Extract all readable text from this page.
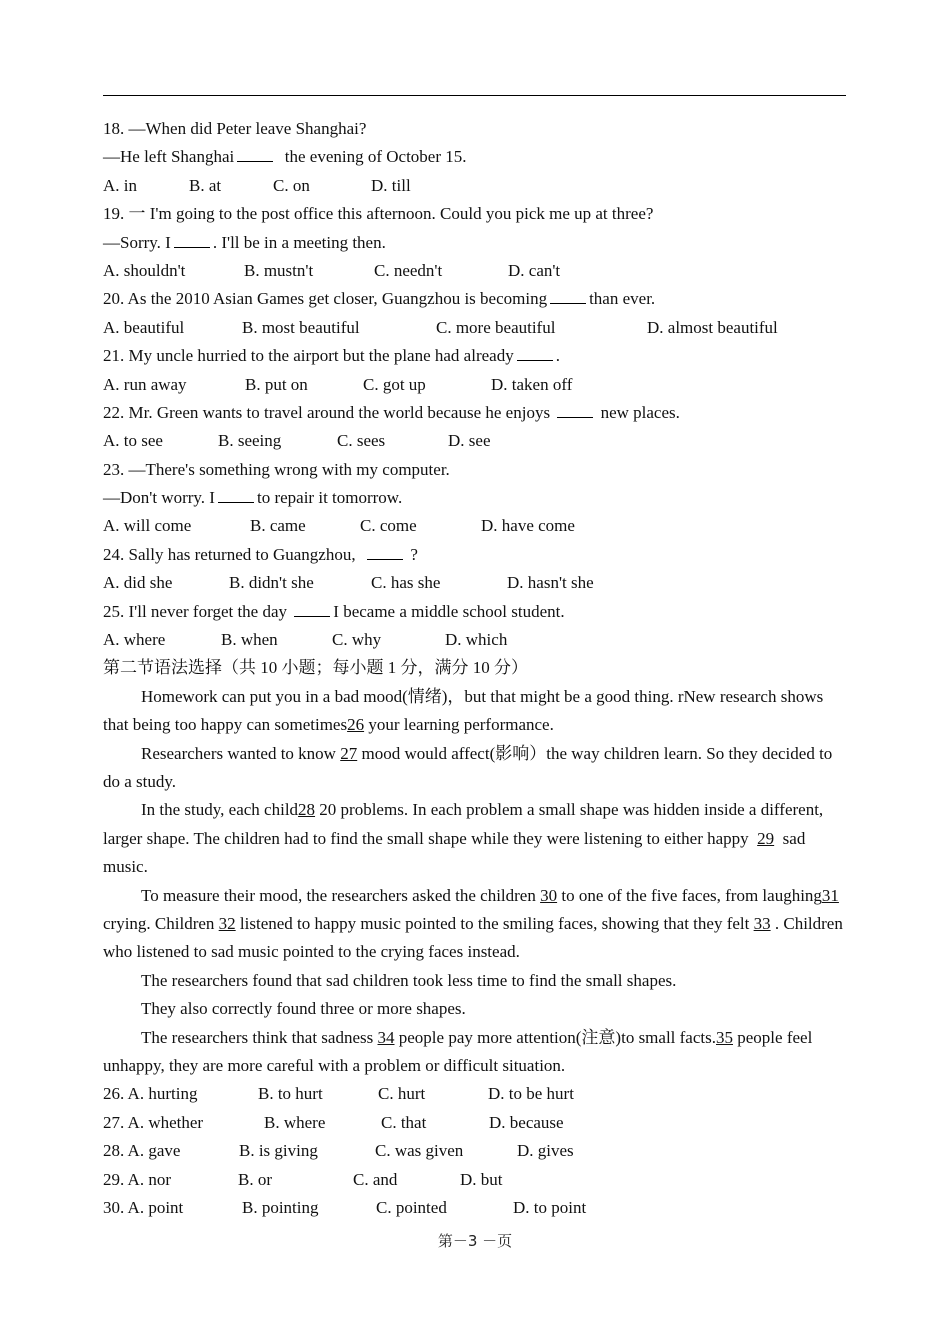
18. —When did Peter leave Shanghai?
—He left Shanghai	the evening of October 15.
A. in	B. at	C. on	D. till
19. 一 I'm going to the post office this afternoon. Could you pick me up at three?
—Sorry. I . I'll be in a meeting then.
A. shouldn't	B. mustn't	C. needn't	D. can't
20. As the 2010 Asian Games get closer, Guangzhou is becoming than ever.
A. beautiful	B. most beautiful	C. more beautiful	D. almost beautiful
21. My uncle hurried to the airport but the plane had already .
A. run away	B. put on	C. got up	D. taken off
22. Mr. Green wants to travel around the world because he enjoys	new places.
A. to see	B. seeing	C. sees	D. see
23. —There's something wrong with my computer.
—Don't worry. I to repair it tomorrow.
A. will come	B. came	C. come	D. have come
24. Sally has returned to Guangzhou,	?
A. did she	B. didn't she	C. has she	D. hasn't she
25. I'll never forget the day	I became a middle school student.
A. where	B. when	C. why	D. which
第二节语法选择（共 10 小题；每小题 1 分，满分 10 分）
Homework can put you in a bad mood(情绪)，but that might be a good thing. rNew research shows that being too happy can sometimes26 your learning performance.
Researchers wanted to know 27 mood would affect(影响）the way children learn. So they decided to do a study.
In the study, each child28 20 problems. In each problem a small shape was hidden inside a different, larger shape. The children had to find the small shape while they were listening to either happy 29 sad music.
To measure their mood, the researchers asked the children 30 to one of the five faces, from laughing31 crying. Children 32 listened to happy music pointed to the smiling faces, showing that they felt 33 . Children who listened to sad music pointed to the crying faces instead.
The researchers found that sad children took less time to find the small shapes.
They also correctly found three or more shapes.
The researchers think that sadness 34 people pay more attention(注意)to small facts.35 people feel unhappy, they are more careful with a problem or difficult situation.
26. A. hurting	B. to hurt	C. hurt	D. to be hurt
27. A. whether	B. where	C. that	D. because
28. A. gave	B. is giving	C. was given	D. gives
29. A. nor	B. or	C. and	D. but
30. A. point	B. pointing	C. pointed	D. to point
第－3 －页
